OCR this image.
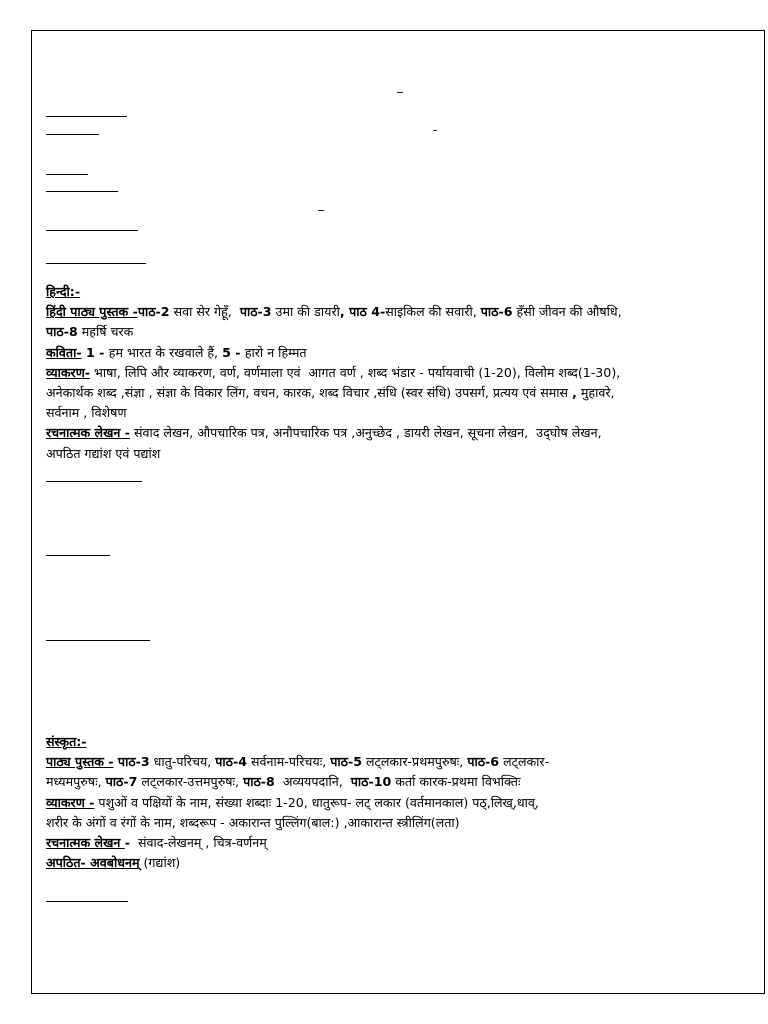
_
-
_

हिन्दी:-

हिंदी पाठ्य पुस्तक -पाठ-2 सवा सेर गेहूँ,  पाठ-3 उमा की डायरी, पाठ 4-साइकिल की सवारी, पाठ-6 हँसी जीवन की औषधि,

पाठ-8 महर्षि चरक

कविता- 1 - हम भारत के रखवाले हैं, 5 - हारो न हिम्मत

व्याकरण- भाषा, लिपि और व्याकरण, वर्ण, वर्णमाला एवं  आगत वर्ण , शब्द भंडार - पर्यायवाची (1-20), विलोम शब्द(1-30),

अनेकार्थक शब्द ,संज्ञा , संज्ञा के विकार लिंग, वचन, कारक, शब्द विचार ,संधि (स्वर संधि) उपसर्ग, प्रत्यय एवं समास , मुहावरे,

सर्वनाम , विशेषण

रचनात्मक लेखन - संवाद लेखन, औपचारिक पत्र, अनौपचारिक पत्र ,अनुच्छेद , डायरी लेखन, सूचना लेखन,  उद्‌घोष लेखन,

अपठित गद्यांश एवं पद्यांश

संस्कृत:-

पाठ्य पुस्तक - पाठ-3 धातु-परिचय, पाठ-4 सर्वनाम-परिचयः, पाठ-5 लट्लकार-प्रथमपुरुषः, पाठ-6 लट्लकार-

मध्यमपुरुषः, पाठ-7 लट्लकार-उत्तमपुरुषः, पाठ-8  अव्ययपदानि,  पाठ-10 कर्ता कारक-प्रथमा विभक्तिः

व्याकरण - पशुओं व पक्षियों के नाम, संख्या शब्दाः 1-20, धातुरूप- लट् लकार (वर्तमानकाल) पठ्,लिख्,धाव्,

शरीर के अंगों व रंगों के नाम, शब्दरूप - अकारान्त पुल्लिंग(बाल:) ,आकारान्त स्त्रीलिंग(लता)

रचनात्मक लेखन -  संवाद-लेखनम् , चित्र-वर्णनम्

अपठित- अवबोधनम् (गद्यांश)
